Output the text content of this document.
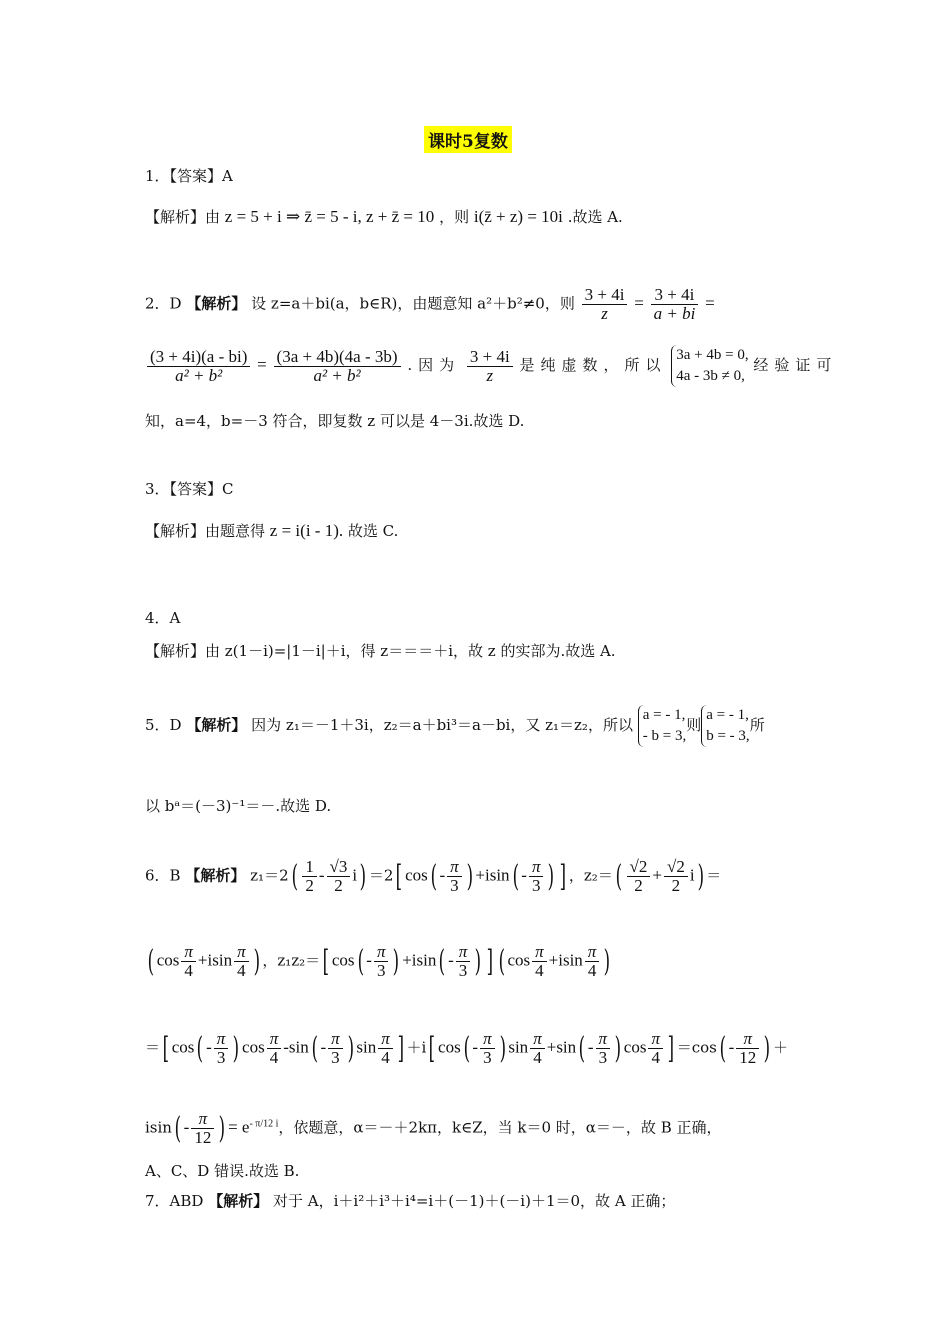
课时5复数
1．【答案】A
【解析】由 z = 5 + i ⇒ z̄ = 5 - i, z + z̄ = 10 ，则 i(z̄ + z) = 10i .故选 A.
2．D 【解析】 设 z=a＋bi(a，b∈R)，由题意知 a²＋b²≠0，则 $\frac{3 + 4i}{z} = \frac{3 + 4i}{a + bi}$ =
$\frac{(3 + 4i)(a - bi)}{\text{a² + b²}} = \frac{(3a + 4b)(4a - 3b)}{\text{a² + b²}}$ .因为 $\frac{3 + 4i}{z}$ 是纯虚数，所以
3a + 4b = 0,
4a - 3b ≠ 0,
经验证可
知，a=4，b=－3 符合，即复数 z 可以是 4－3i.故选 D.
3．【答案】C
【解析】由题意得 z = i(i - 1). 故选 C.
4．A
【解析】由 z(1－i)=|1－i|＋i，得 z＝＝＝＋i，故 z 的实部为.故选 A.
5．D 【解析】 因为 z₁＝－1＋3i，z₂＝a＋bi³＝a－bi，又 z₁＝z₂，所以
a = - 1,
- b = 3,
则
a = - 1,
b = - 3,
所
以 bᵃ＝(－3)⁻¹＝－.故选 D.
6．B 【解析】 $z_1=2( \frac{1}{2} - \frac{√3}{2} i) =2$[ $\cos( - \frac{\pi}{3}$ ) $+isin( - \frac{\pi}{3}$ ) ] ，$z_2=( \frac{√2}{2} + \frac{√2}{2} i)$ ＝
( $\cos \frac{\pi}{4} +isin \frac{\pi}{4}$ ) ，z₁z₂＝[ $\cos( - \frac{\pi}{3}$ ) $+isin( - \frac{\pi}{3}$ ) ] ( $\cos \frac{\pi}{4} +isin \frac{\pi}{4}$ )
＝[ $\cos( - \frac{\pi}{3}$ ) $\cos \frac{\pi}{4} -\sin( - \frac{\pi}{3}$ ) $\sin \frac{\pi}{4}$ ] ＋i[ $\cos( - \frac{\pi}{3}$ ) $\sin \frac{\pi}{4} +\sin( - \frac{\pi}{3}$ ) $\cos \frac{\pi}{4}$ ] $=\cos( - \frac{\pi}{12}$ ) ＋
$isin( - \frac{\pi}{12}$ ) = $e^{- \pi/12 i}$，依题意，α＝－＋2kπ，k∈Z，当 k＝0 时，α＝－，故 B 正确，
A、C、D 错误.故选 B.
7．ABD 【解析】 对于 A，i＋i²＋i³＋i⁴=i＋(－1)＋(－i)＋1＝0，故 A 正确；
